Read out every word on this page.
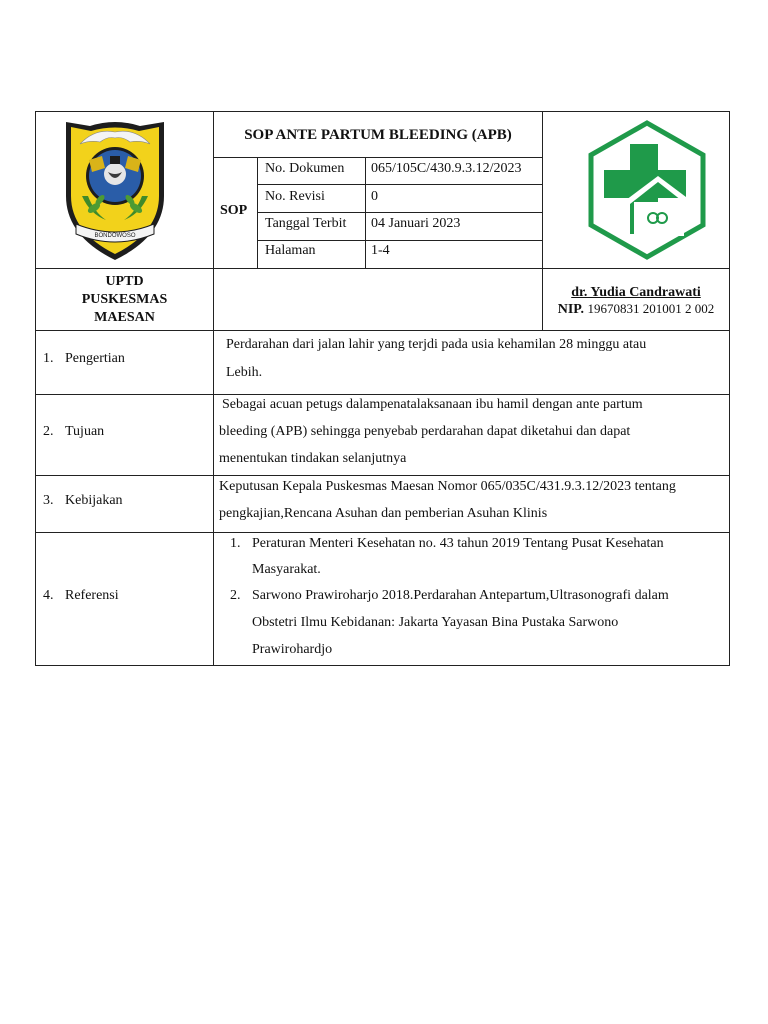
BONDOWOSO
SOP ANTE PARTUM BLEEDING (APB)
SOP
No. Dokumen 065/105C/430.9.3.12/2023
No. Revisi	0
Tanggal Terbit 04 Januari 2023
Halaman	1-4
UPTD
PUSKESMAS
MAESAN
dr. Yudia Candrawati
NIP. 19670831 201001 2 002
1. Pengertian
Perdarahan dari jalan lahir yang terjdi pada usia kehamilan 28 minggu atau
Lebih.
2. Tujuan
Sebagai acuan petugs dalampenatalaksanaan ibu hamil dengan ante partum
bleeding (APB) sehingga penyebab perdarahan dapat diketahui dan dapat
menentukan tindakan selanjutnya
3. Kebijakan
Keputusan Kepala Puskesmas Maesan Nomor 065/035C/431.9.3.12/2023 tentang
pengkajian,Rencana Asuhan dan pemberian Asuhan Klinis
4. Referensi
1. Peraturan Menteri Kesehatan no. 43 tahun 2019 Tentang Pusat Kesehatan
Masyarakat.
2. Sarwono Prawiroharjo 2018.Perdarahan Antepartum,Ultrasonografi dalam
Obstetri Ilmu Kebidanan: Jakarta Yayasan Bina Pustaka Sarwono
Prawirohardjo
